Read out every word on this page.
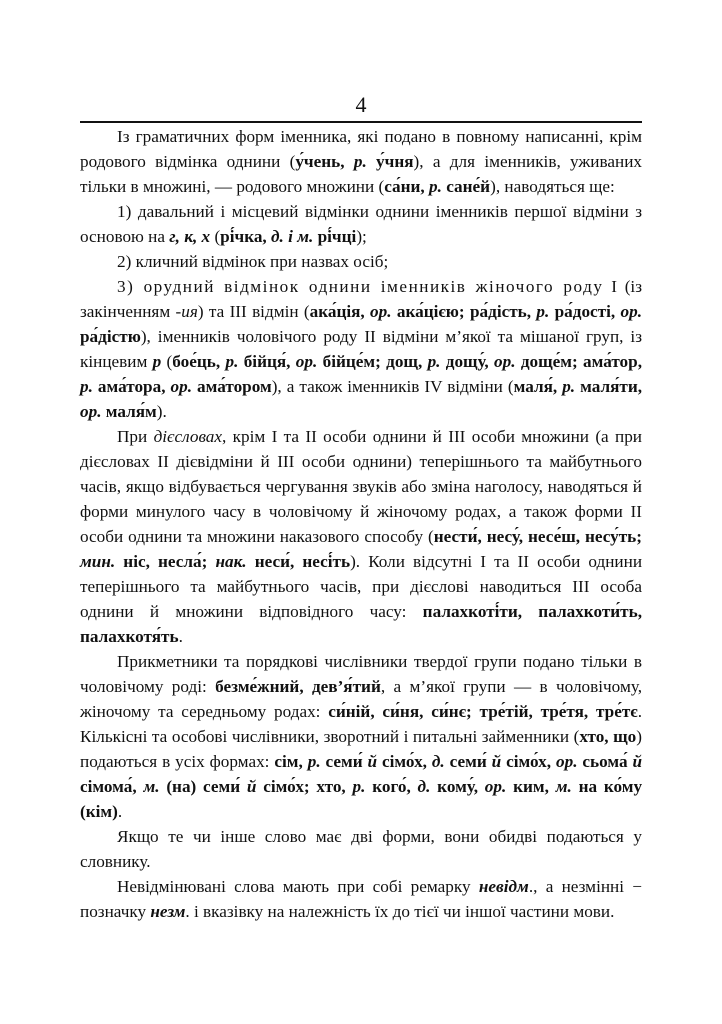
4

Із граматичних форм іменника, які подано в повному написанні, крім родового відмінка однини (у́чень, р. у́чня), а для іменників, уживаних тільки в множині, — родового множини (са́ни, р. сане́й), наводяться ще:

1) давальний і місцевий відмінки однини іменників першої відміни з основою на г, к, х (рі́чка, д. і м. рі́чці);

2) кличний відмінок при назвах осіб;

3) орудний відмінок однини іменників жіночого роду І (із закінченням -ия) та ІІІ відмін (ака́ція, ор. ака́цією; ра́дість, р. ра́дості, ор. ра́дістю), іменників чоловічого роду ІІ відміни м’якої та мішаної груп, із кінцевим р (бое́ць, р. бійця́, ор. бійце́м; дощ, р. дощу́, ор. доще́м; ама́тор, р. ама́тора, ор. ама́тором), а також іменників IV відміни (маля́, р. маля́ти, ор. маля́м).

При дієсловах, крім І та ІІ особи однини й ІІІ особи множини (а при дієсловах ІІ дієвідміни й ІІІ особи однини) теперішнього та майбутнього часів, якщо відбувається чергування звуків або зміна наголосу, наводяться й форми минулого часу в чоловічому й жіночому родах, а також форми ІІ особи однини та множини наказового способу (нести́, несу́, несе́ш, несу́ть; мин. ніс, несла́; нак. неси́, несі́ть). Коли відсутні І та ІІ особи однини теперішнього та майбутнього часів, при дієслові наводиться ІІІ особа однини й множини відповідного часу: палахкоті́ти, палахкоти́ть, палахкотя́ть.

Прикметники та порядкові числівники твердої групи подано тільки в чоловічому роді: безме́жний, дев’я́тий, а м’якої групи — в чоловічому, жіночому та середньому родах: си́ній, си́ня, си́нє; тре́тій, тре́тя, тре́тє. Кількісні та особові числівники, зворотний і питальні займенники (хто, що) подаються в усіх формах: сім, р. семи́ й сімо́х, д. семи́ й сімо́х, ор. сьома́ й сімома́, м. (на) семи́ й сімо́х; хто, р. кого́, д. кому́, ор. ким, м. на ко́му (кім).

Якщо те чи інше слово має дві форми, вони обидві подаються у словнику.

Невідмінювані слова мають при собі ремарку невідм., а незмінні − позначку незм. і вказівку на належність їх до тієї чи іншої частини мови.
